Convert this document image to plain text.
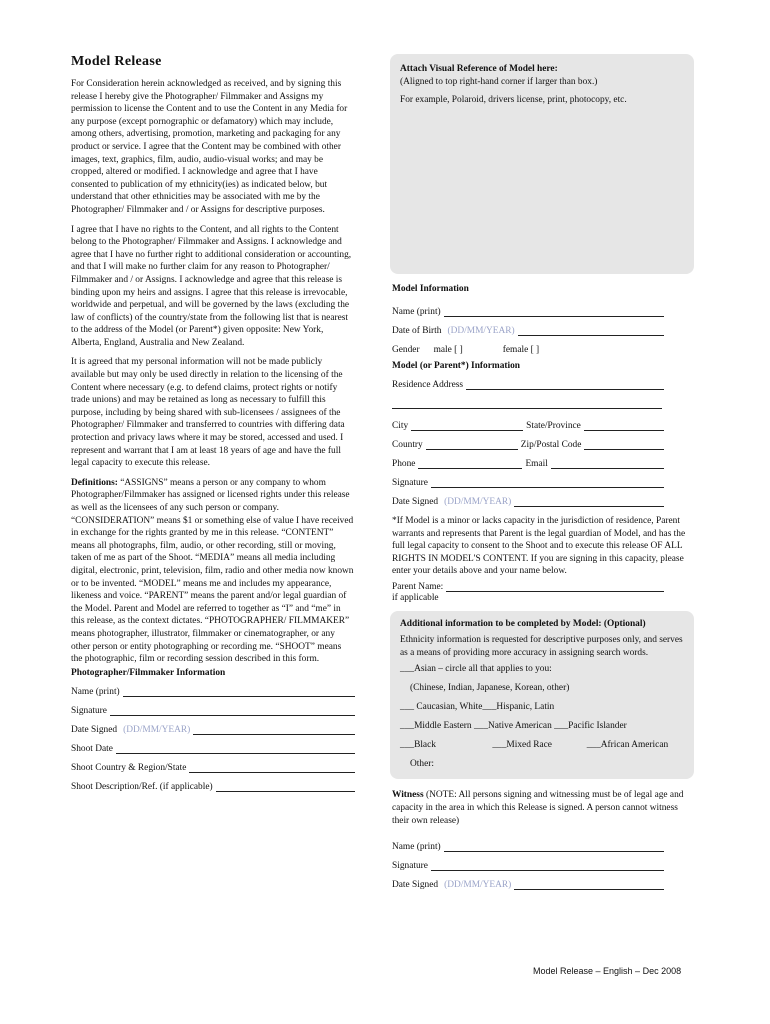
Model Release

For Consideration herein acknowledged as received, and by signing this release I hereby give the Photographer/ Filmmaker and Assigns my permission to license the Content and to use the Content in any Media for any purpose (except pornographic or defamatory) which may include, among others, advertising, promotion, marketing and packaging for any product or service. I agree that the Content may be combined with other images, text, graphics, film, audio, audio-visual works; and may be cropped, altered or modified. I acknowledge and agree that I have consented to publication of my ethnicity(ies) as indicated below, but understand that other ethnicities may be associated with me by the Photographer/ Filmmaker and / or Assigns for descriptive purposes.

I agree that I have no rights to the Content, and all rights to the Content belong to the Photographer/ Filmmaker and Assigns. I acknowledge and agree that I have no further right to additional consideration or accounting, and that I will make no further claim for any reason to Photographer/ Filmmaker and / or Assigns. I acknowledge and agree that this release is binding upon my heirs and assigns. I agree that this release is irrevocable, worldwide and perpetual, and will be governed by the laws (excluding the law of conflicts) of the country/state from the following list that is nearest to the address of the Model (or Parent*) given opposite: New York, Alberta, England, Australia and New Zealand.

It is agreed that my personal information will not be made publicly available but may only be used directly in relation to the licensing of the Content where necessary (e.g. to defend claims, protect rights or notify trade unions) and may be retained as long as necessary to fulfill this purpose, including by being shared with sub-licensees / assignees of the Photographer/ Filmmaker and transferred to countries with differing data protection and privacy laws where it may be stored, accessed and used. I represent and warrant that I am at least 18 years of age and have the full legal capacity to execute this release.

Definitions: “ASSIGNS” means a person or any company to whom Photographer/Filmmaker has assigned or licensed rights under this release as well as the licensees of any such person or company. “CONSIDERATION” means $1 or something else of value I have received in exchange for the rights granted by me in this release. “CONTENT” means all photographs, film, audio, or other recording, still or moving, taken of me as part of the Shoot. “MEDIA” means all media including digital, electronic, print, television, film, radio and other media now known or to be invented. “MODEL” means me and includes my appearance, likeness and voice. “PARENT” means the parent and/or legal guardian of the Model. Parent and Model are referred to together as “I” and “me” in this release, as the context dictates. “PHOTOGRAPHER/ FILMMAKER” means photographer, illustrator, filmmaker or cinematographer, or any other person or entity photographing or recording me. “SHOOT” means the photographic, film or recording session described in this form.

Photographer/Filmmaker Information
Name (print)
Signature
Date Signed (DD/MM/YEAR)
Shoot Date
Shoot Country & Region/State
Shoot Description/Ref. (if applicable)
Attach Visual Reference of Model here:

(Aligned to top right-hand corner if larger than box.)

For example, Polaroid, drivers license, print, photocopy, etc.

Model Information
Name (print)
Date of Birth (DD/MM/YEAR)
Gender male [ ]	female [ ]
Model (or Parent*) Information
Residence Address
City	State/Province
Country	Zip/Postal Code
Phone	Email
Signature
Date Signed (DD/MM/YEAR)

*If Model is a minor or lacks capacity in the jurisdiction of residence, Parent warrants and represents that Parent is the legal guardian of Model, and has the full legal capacity to consent to the Shoot and to execute this release OF ALL RIGHTS IN MODEL'S CONTENT. If you are signing in this capacity, please enter your details above and your name below.

Parent Name:
if applicable
Additional information to be completed by Model: (Optional)

Ethnicity information is requested for descriptive purposes only, and serves as a means of providing more accuracy in assigning search words.

___Asian – circle all that applies to you:
(Chinese, Indian, Japanese, Korean, other)
___ Caucasian, White___Hispanic, Latin
___Middle Eastern ___Native American ___Pacific Islander
___Black	___Mixed Race	___African American
Other:

Witness (NOTE: All persons signing and witnessing must be of legal age and capacity in the area in which this Release is signed. A person cannot witness their own release)

Name (print)
Signature
Date Signed (DD/MM/YEAR)
Model Release – English – Dec 2008
